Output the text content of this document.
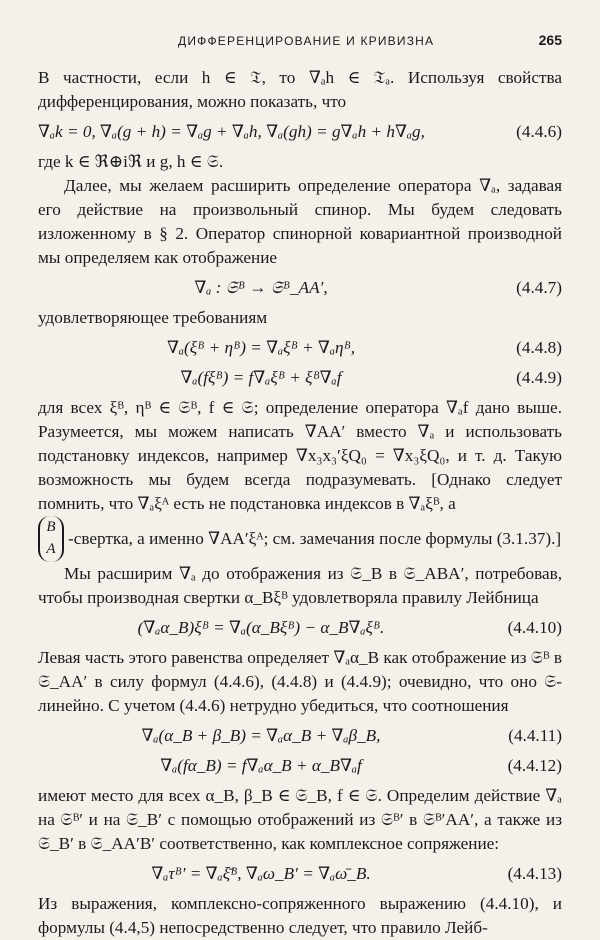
ДИФФЕРЕНЦИРОВАНИЕ И КРИВИЗНА	265

В частности, если h ∈ 𝔗, то ∇ₐh ∈ 𝔗ₐ. Используя свойства дифференцирования, можно показать, что

∇ₐk = 0, ∇ₐ(g + h) = ∇ₐg + ∇ₐh, ∇ₐ(gh) = g∇ₐh + h∇ₐg,	(4.4.6)

где k ∈ ℜ⊕iℜ и g, h ∈ 𝔖.

Далее, мы желаем расширить определение оператора ∇ₐ, задавая его действие на произвольный спинор. Мы будем следовать изложенному в § 2. Оператор спинорной ковариантной производной мы определяем как отображение

∇ₐ : 𝔖ᴮ → 𝔖ᴮ_AA′,	(4.4.7)

удовлетворяющее требованиям

∇ₐ(ξᴮ + ηᴮ) = ∇ₐξᴮ + ∇ₐηᴮ,	(4.4.8)
∇ₐ(fξᴮ) = f∇ₐξᴮ + ξᴮ∇ₐf	(4.4.9)

для всех ξᴮ, ηᴮ ∈ 𝔖ᴮ, f ∈ 𝔖; определение оператора ∇ₐf дано выше. Разумеется, мы можем написать ∇AA′ вместо ∇ₐ и использовать подстановку индексов, например ∇x₃x₃′ξQ₀ = ∇x₃ξQ₀, и т. д. Такую возможность мы будем всегда подразумевать. [Однако следует помнить, что ∇ₐξᴬ есть не подстановка индексов в ∇ₐξᴮ, а

B
A
-свертка, а именно ∇AA′ξᴬ; см. замечания после формулы (3.1.37).]

Мы расширим ∇ₐ до отображения из 𝔖_B в 𝔖_ABA′, потребовав, чтобы производная свертки α_Bξᴮ удовлетворяла правилу Лейбница

(∇ₐα_B)ξᴮ = ∇ₐ(α_Bξᴮ) − α_B∇ₐξᴮ.	(4.4.10)

Левая часть этого равенства определяет ∇ₐα_B как отображение из 𝔖ᴮ в 𝔖_AA′ в силу формул (4.4.6), (4.4.8) и (4.4.9); очевидно, что оно 𝔖-линейно. С учетом (4.4.6) нетрудно убедиться, что соотношения

∇ₐ(α_B + β_B) = ∇ₐα_B + ∇ₐβ_B,	(4.4.11)
∇ₐ(fα_B) = f∇ₐα_B + α_B∇ₐf	(4.4.12)

имеют место для всех α_B, β_B ∈ 𝔖_B, f ∈ 𝔖. Определим действие ∇ₐ на 𝔖ᴮ′ и на 𝔖_B′ с помощью отображений из 𝔖ᴮ′ в 𝔖ᴮ′AA′, а также из 𝔖_B′ в 𝔖_AA′B′ соответственно, как комплексное сопряжение:

∇ₐτᴮ′ = ∇ₐξ̄ᴮ, ∇ₐω_B′ = ∇ₐω̄_B.	(4.4.13)

Из выражения, комплексно-сопряженного выражению (4.4.10), и формулы (4.4,5) непосредственно следует, что правило Лейб-
